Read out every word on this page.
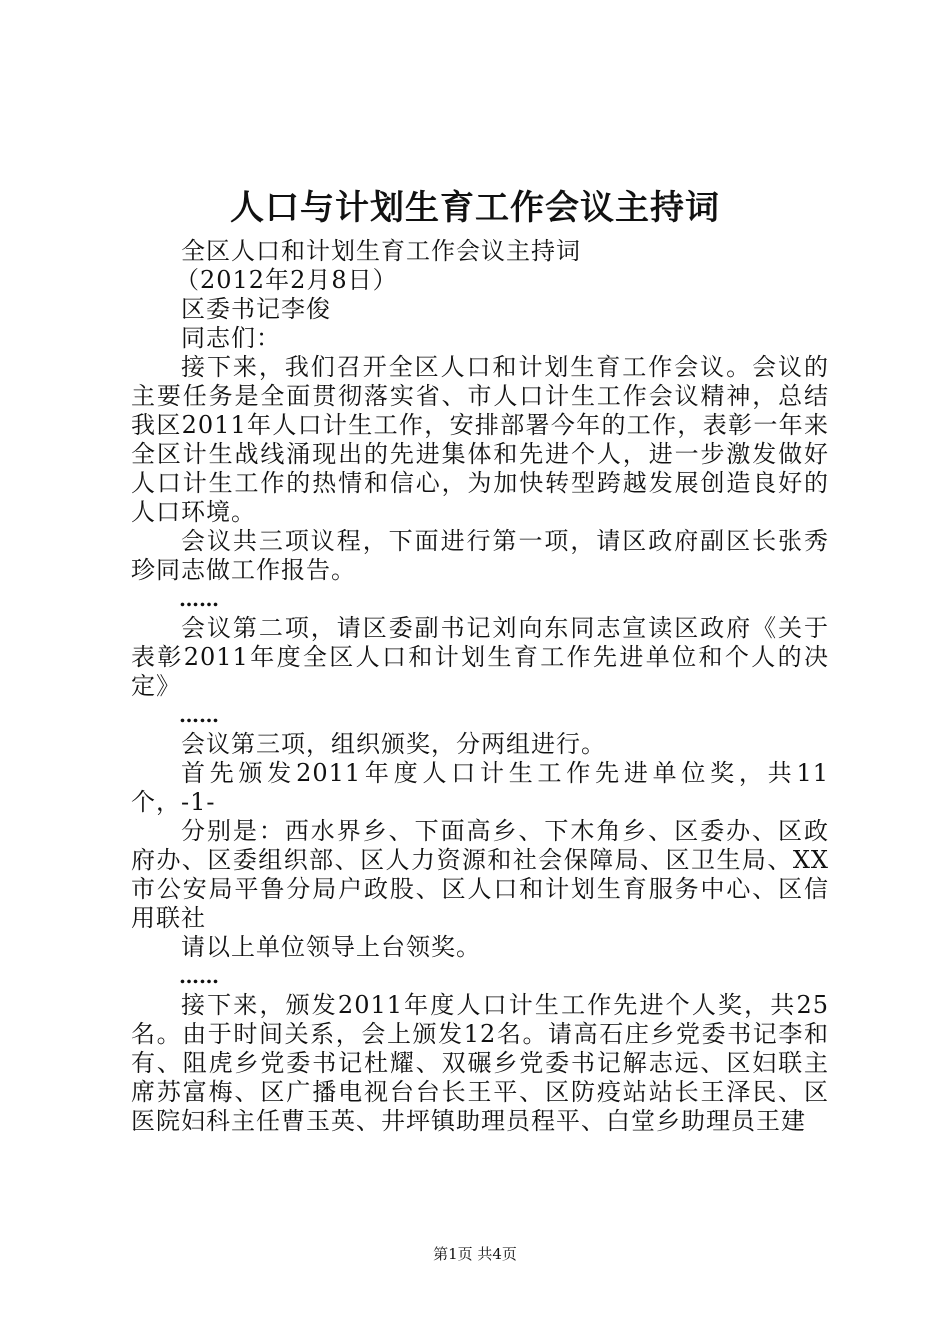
人口与计划生育工作会议主持词

全区人口和计划生育工作会议主持词

（2012年2月8日）

区委书记李俊

同志们：

接下来，我们召开全区人口和计划生育工作会议。会议的主要任务是全面贯彻落实省、市人口计生工作会议精神，总结我区2011年人口计生工作，安排部署今年的工作，表彰一年来全区计生战线涌现出的先进集体和先进个人，进一步激发做好人口计生工作的热情和信心，为加快转型跨越发展创造良好的人口环境。

会议共三项议程，下面进行第一项，请区政府副区长张秀珍同志做工作报告。

……

会议第二项，请区委副书记刘向东同志宣读区政府《关于表彰2011年度全区人口和计划生育工作先进单位和个人的决定》

……

会议第三项，组织颁奖，分两组进行。

首先颁发2011年度人口计生工作先进单位奖，共11个，-1-

分别是：西水界乡、下面高乡、下木角乡、区委办、区政府办、区委组织部、区人力资源和社会保障局、区卫生局、XX市公安局平鲁分局户政股、区人口和计划生育服务中心、区信用联社

请以上单位领导上台领奖。

……

接下来，颁发2011年度人口计生工作先进个人奖，共25名。由于时间关系，会上颁发12名。请高石庄乡党委书记李和有、阻虎乡党委书记杜耀、双碾乡党委书记解志远、区妇联主席苏富梅、区广播电视台台长王平、区防疫站站长王泽民、区医院妇科主任曹玉英、井坪镇助理员程平、白堂乡助理员王建

第1页 共4页
